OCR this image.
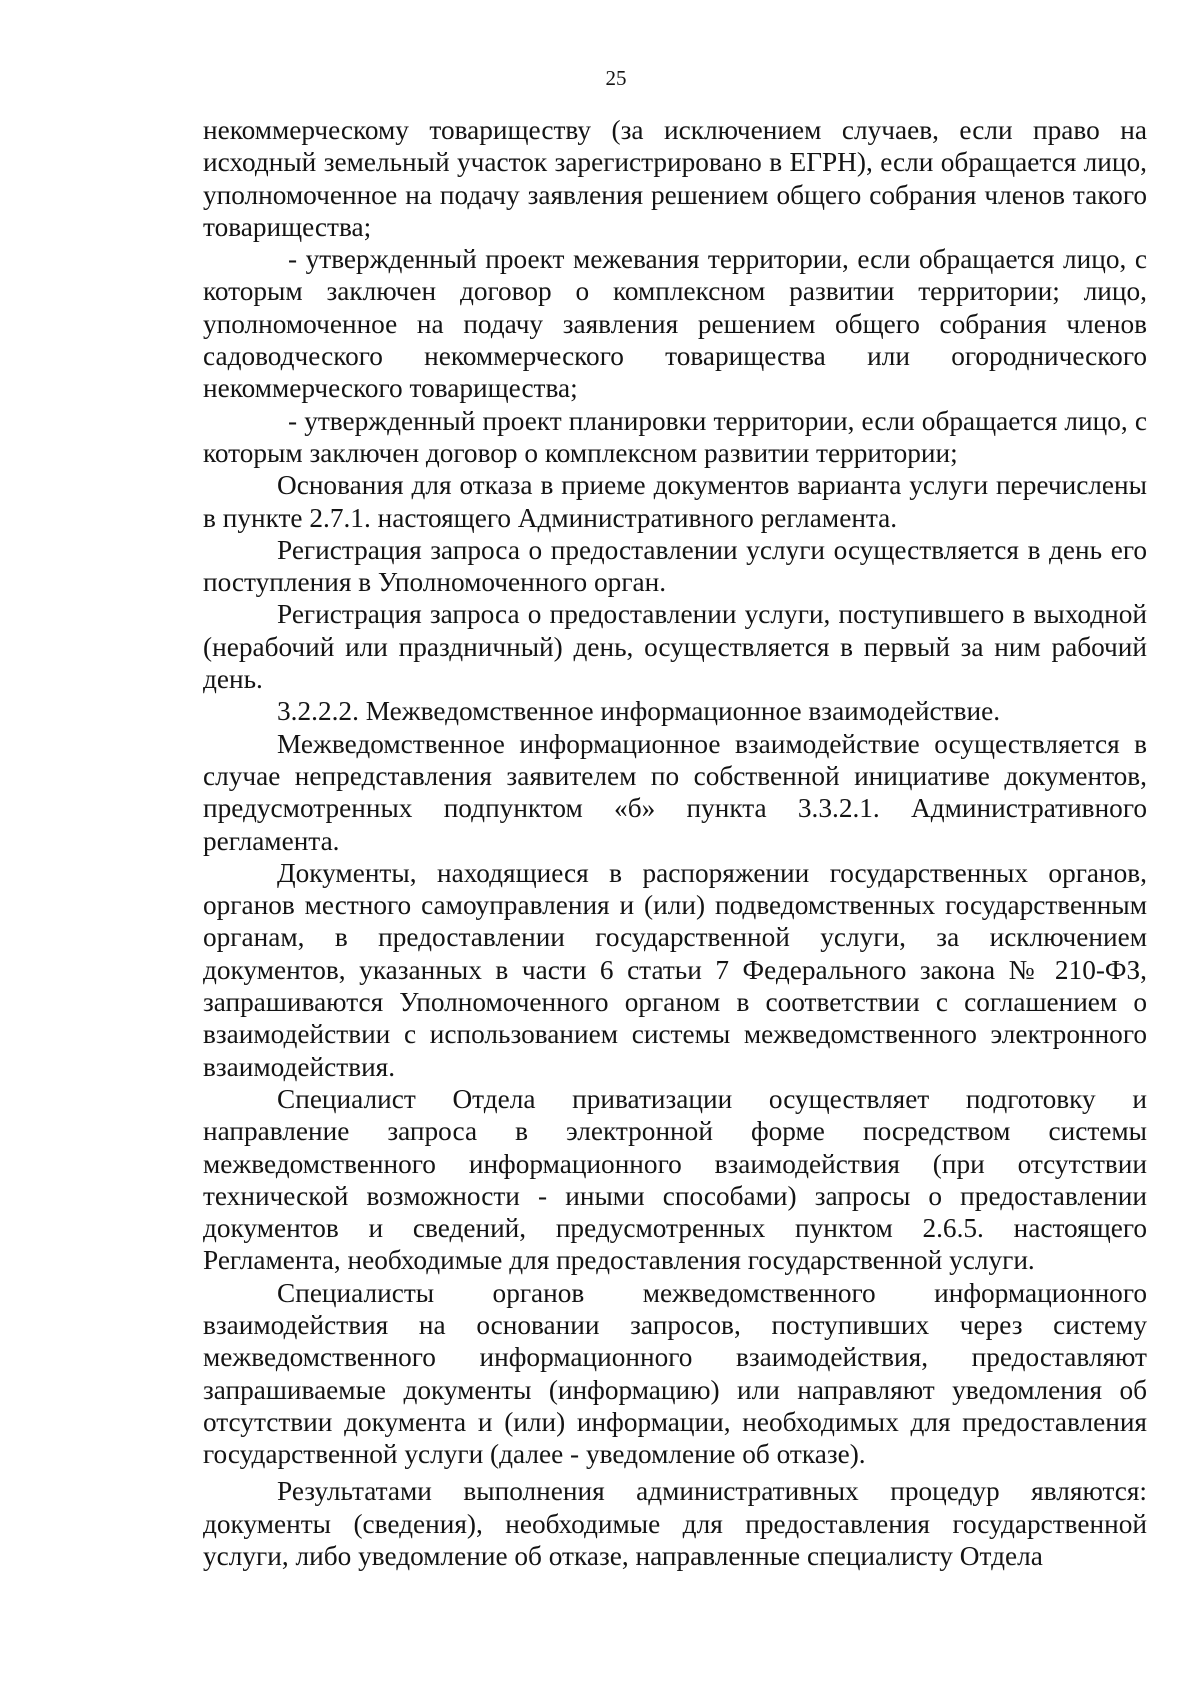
25

некоммерческому товариществу (за исключением случаев, если право на исходный земельный участок зарегистрировано в ЕГРН), если обращается лицо, уполномоченное на подачу заявления решением общего собрания членов такого товарищества;

- утвержденный проект межевания территории, если обращается лицо, с которым заключен договор о комплексном развитии территории; лицо, уполномоченное на подачу заявления решением общего собрания членов садоводческого некоммерческого товарищества или огороднического некоммерческого товарищества;

- утвержденный проект планировки территории, если обращается лицо, с которым заключен договор о комплексном развитии территории;

Основания для отказа в приеме документов варианта услуги перечислены в пункте 2.7.1. настоящего Административного регламента.

Регистрация запроса о предоставлении услуги осуществляется в день его поступления в Уполномоченного орган.

Регистрация запроса о предоставлении услуги, поступившего в выходной (нерабочий или праздничный) день, осуществляется в первый за ним рабочий день.

3.2.2.2. Межведомственное информационное взаимодействие.

Межведомственное информационное взаимодействие осуществляется в случае непредставления заявителем по собственной инициативе документов, предусмотренных подпунктом «б» пункта 3.3.2.1. Административного регламента.

Документы, находящиеся в распоряжении государственных органов, органов местного самоуправления и (или) подведомственных государственным органам, в предоставлении государственной услуги, за исключением документов, указанных в части 6 статьи 7 Федерального закона № 210-ФЗ, запрашиваются Уполномоченного органом в соответствии с соглашением о взаимодействии с использованием системы межведомственного электронного взаимодействия.

Специалист Отдела приватизации осуществляет подготовку и направление запроса в электронной форме посредством системы межведомственного информационного взаимодействия (при отсутствии технической возможности - иными способами) запросы о предоставлении документов и сведений, предусмотренных пунктом 2.6.5. настоящего Регламента, необходимые для предоставления государственной услуги.

Специалисты органов межведомственного информационного взаимодействия на основании запросов, поступивших через систему межведомственного информационного взаимодействия, предоставляют запрашиваемые документы (информацию) или направляют уведомления об отсутствии документа и (или) информации, необходимых для предоставления государственной услуги (далее - уведомление об отказе).

Результатами выполнения административных процедур являются: документы (сведения), необходимые для предоставления государственной услуги, либо уведомление об отказе, направленные специалисту Отдела
